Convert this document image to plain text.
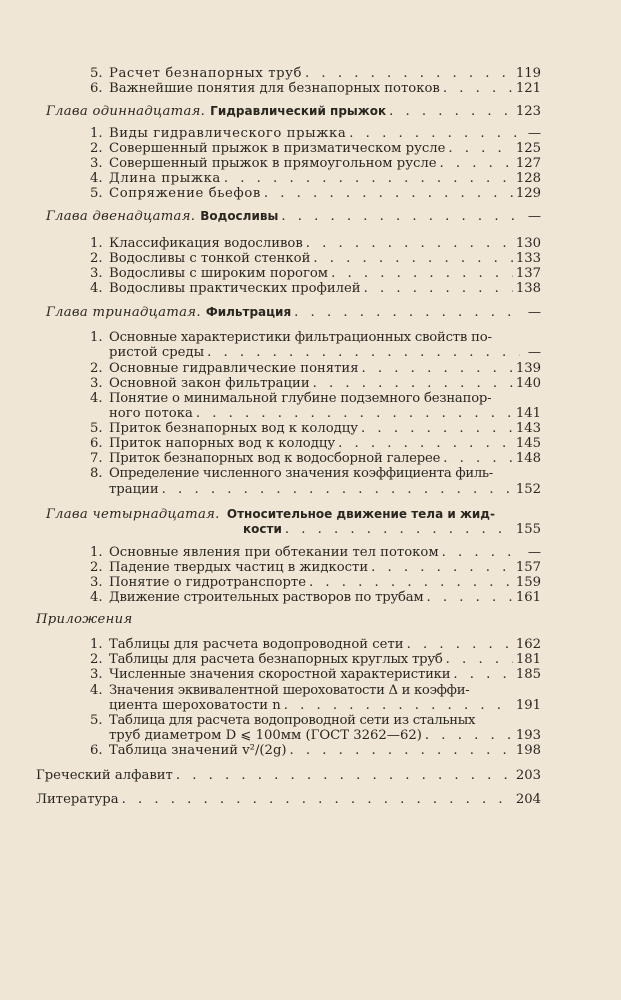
5. Расчет безнапорных труб . . .	119
6. Важнейшие понятия для безнапорных потоков . . .	121
Глава одиннадцатая. Гидравлический прыжок . . .	123
1. Виды гидравлического прыжка . . .	—
2. Совершенный прыжок в призматическом русле . . .	125
3. Совершенный прыжок в прямоугольном русле . . .	127
4. Длина прыжка . . .	128
5. Сопряжение бьефов . . .	129
Глава двенадцатая. Водосливы . . .	—
1. Классификация водосливов . . .	130
2. Водосливы с тонкой стенкой . . .	133
3. Водосливы с широким порогом . . .	137
4. Водосливы практических профилей . . .	138
Глава тринадцатая. Фильтрация . . .	—
1. Основные характеристики фильтрационных свойств по-
ристой среды . . .	—
2. Основные гидравлические понятия . . .	139
3. Основной закон фильтрации . . .	140
4. Понятие о минимальной глубине подземного безнапор-
ного потока . . .	141
5. Приток безнапорных вод к колодцу . . .	143
6. Приток напорных вод к колодцу . . .	145
7. Приток безнапорных вод к водосборной галерее . . .	148
8. Определение численного значения коэффициента филь-
трации . . .	152
Глава четырнадцатая. Относительное движение тела и жид-
кости . . .	155
1. Основные явления при обтекании тел потоком . . .	—
2. Падение твердых частиц в жидкости . . .	157
3. Понятие о гидротранспорте . . .	159
4. Движение строительных растворов по трубам . . .	161
Приложения
1. Таблицы для расчета водопроводной сети . . .	162
2. Таблицы для расчета безнапорных круглых труб . . .	181
3. Численные значения скоростной характеристики . . .	185
4. Значения эквивалентной шероховатости Δ и коэффи-
циента шероховатости n . . .	191
5. Таблица для расчета водопроводной сети из стальных
труб диаметром D ⩽ 100мм (ГОСТ 3262—62) . . .	193
6. Таблица значений v²/(2g) . . .	198
Греческий алфавит . . .	203
Литература . . .	204
